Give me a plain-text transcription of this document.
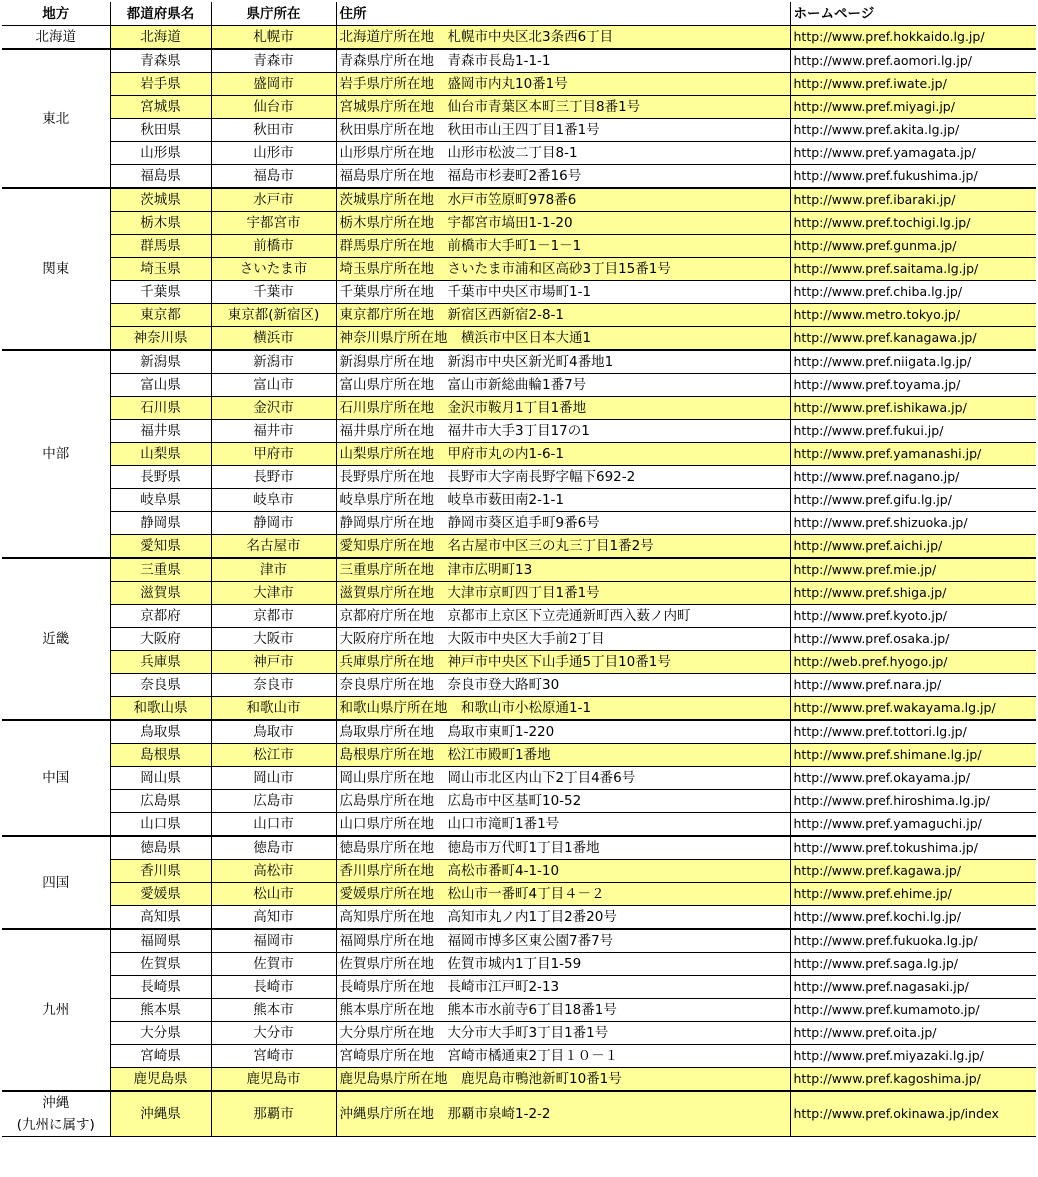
地方	都道府県名	県庁所在	住所	ホームページ
北海道	北海道	札幌市	北海道庁所在地　札幌市中央区北3条西6丁目	http://www.pref.hokkaido.lg.jp/
東北	青森県	青森市	青森県庁所在地　青森市長島1-1-1	http://www.pref.aomori.lg.jp/
	岩手県	盛岡市	岩手県庁所在地　盛岡市内丸10番1号	http://www.pref.iwate.jp/
	宮城県	仙台市	宮城県庁所在地　仙台市青葉区本町三丁目8番1号	http://www.pref.miyagi.jp/
	秋田県	秋田市	秋田県庁所在地　秋田市山王四丁目1番1号	http://www.pref.akita.lg.jp/
	山形県	山形市	山形県庁所在地　山形市松波二丁目8-1	http://www.pref.yamagata.jp/
	福島県	福島市	福島県庁所在地　福島市杉妻町2番16号	http://www.pref.fukushima.jp/
関東	茨城県	水戸市	茨城県庁所在地　水戸市笠原町978番6	http://www.pref.ibaraki.jp/
	栃木県	宇都宮市	栃木県庁所在地　宇都宮市塙田1-1-20	http://www.pref.tochigi.lg.jp/
	群馬県	前橋市	群馬県庁所在地　前橋市大手町1－1－1	http://www.pref.gunma.jp/
	埼玉県	さいたま市	埼玉県庁所在地　さいたま市浦和区高砂3丁目15番1号	http://www.pref.saitama.lg.jp/
	千葉県	千葉市	千葉県庁所在地　千葉市中央区市場町1-1	http://www.pref.chiba.lg.jp/
	東京都	東京都(新宿区)	東京都庁所在地　新宿区西新宿2-8-1	http://www.metro.tokyo.jp/
	神奈川県	横浜市	神奈川県庁所在地　横浜市中区日本大通1	http://www.pref.kanagawa.jp/
中部	新潟県	新潟市	新潟県庁所在地　新潟市中央区新光町4番地1	http://www.pref.niigata.lg.jp/
	富山県	富山市	富山県庁所在地　富山市新総曲輪1番7号	http://www.pref.toyama.jp/
	石川県	金沢市	石川県庁所在地　金沢市鞍月1丁目1番地	http://www.pref.ishikawa.jp/
	福井県	福井市	福井県庁所在地　福井市大手3丁目17の1	http://www.pref.fukui.jp/
	山梨県	甲府市	山梨県庁所在地　甲府市丸の内1-6-1	http://www.pref.yamanashi.jp/
	長野県	長野市	長野県庁所在地　長野市大字南長野字幅下692-2	http://www.pref.nagano.jp/
	岐阜県	岐阜市	岐阜県庁所在地　岐阜市薮田南2-1-1	http://www.pref.gifu.lg.jp/
	静岡県	静岡市	静岡県庁所在地　静岡市葵区追手町9番6号	http://www.pref.shizuoka.jp/
	愛知県	名古屋市	愛知県庁所在地　名古屋市中区三の丸三丁目1番2号	http://www.pref.aichi.jp/
近畿	三重県	津市	三重県庁所在地　津市広明町13	http://www.pref.mie.jp/
	滋賀県	大津市	滋賀県庁所在地　大津市京町四丁目1番1号	http://www.pref.shiga.jp/
	京都府	京都市	京都府庁所在地　京都市上京区下立売通新町西入薮ノ内町	http://www.pref.kyoto.jp/
	大阪府	大阪市	大阪府庁所在地　大阪市中央区大手前2丁目	http://www.pref.osaka.jp/
	兵庫県	神戸市	兵庫県庁所在地　神戸市中央区下山手通5丁目10番1号	http://web.pref.hyogo.jp/
	奈良県	奈良市	奈良県庁所在地　奈良市登大路町30	http://www.pref.nara.jp/
	和歌山県	和歌山市	和歌山県庁所在地　和歌山市小松原通1-1	http://www.pref.wakayama.lg.jp/
中国	鳥取県	鳥取市	鳥取県庁所在地　鳥取市東町1-220	http://www.pref.tottori.lg.jp/
	島根県	松江市	島根県庁所在地　松江市殿町1番地	http://www.pref.shimane.lg.jp/
	岡山県	岡山市	岡山県庁所在地　岡山市北区内山下2丁目4番6号	http://www.pref.okayama.jp/
	広島県	広島市	広島県庁所在地　広島市中区基町10-52	http://www.pref.hiroshima.lg.jp/
	山口県	山口市	山口県庁所在地　山口市滝町1番1号	http://www.pref.yamaguchi.jp/
四国	徳島県	徳島市	徳島県庁所在地　徳島市万代町1丁目1番地	http://www.pref.tokushima.jp/
	香川県	高松市	香川県庁所在地　高松市番町4-1-10	http://www.pref.kagawa.jp/
	愛媛県	松山市	愛媛県庁所在地　松山市一番町4丁目４－２	http://www.pref.ehime.jp/
	高知県	高知市	高知県庁所在地　高知市丸ノ内1丁目2番20号	http://www.pref.kochi.lg.jp/
九州	福岡県	福岡市	福岡県庁所在地　福岡市博多区東公園7番7号	http://www.pref.fukuoka.lg.jp/
	佐賀県	佐賀市	佐賀県庁所在地　佐賀市城内1丁目1-59	http://www.pref.saga.lg.jp/
	長崎県	長崎市	長崎県庁所在地　長崎市江戸町2-13	http://www.pref.nagasaki.jp/
	熊本県	熊本市	熊本県庁所在地　熊本市水前寺6丁目18番1号	http://www.pref.kumamoto.jp/
	大分県	大分市	大分県庁所在地　大分市大手町3丁目1番1号	http://www.pref.oita.jp/
	宮崎県	宮崎市	宮崎県庁所在地　宮崎市橘通東2丁目１０－１	http://www.pref.miyazaki.lg.jp/
	鹿児島県	鹿児島市	鹿児島県庁所在地　鹿児島市鴨池新町10番1号	http://www.pref.kagoshima.jp/
沖縄
(九州に属す)	沖縄県	那覇市	沖縄県庁所在地　那覇市泉崎1-2-2	http://www.pref.okinawa.jp/index
